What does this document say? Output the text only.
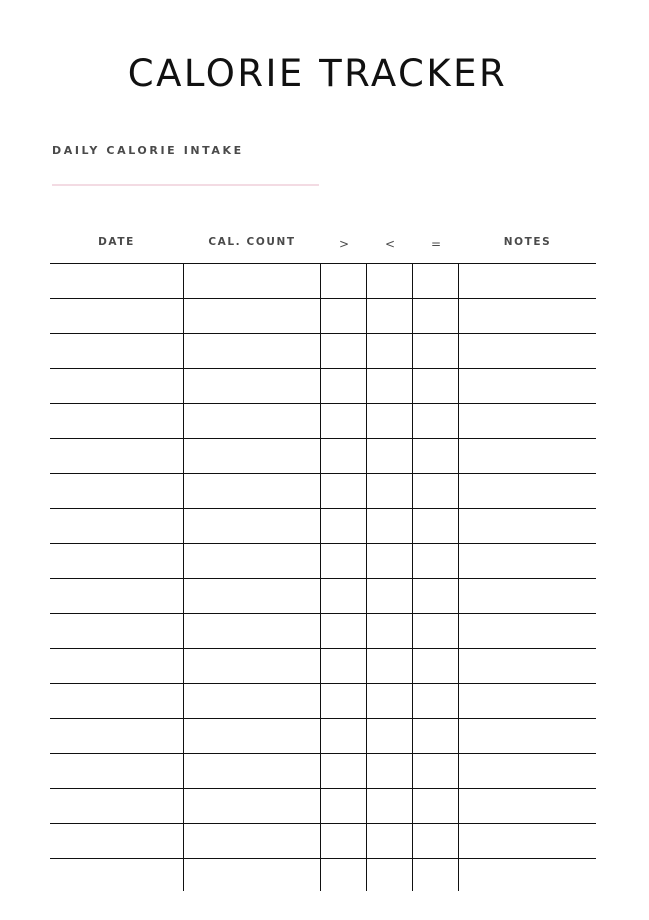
CALORIE TRACKER
DAILY CALORIE INTAKE
DATE	CAL. COUNT	>	<	=	NOTES
